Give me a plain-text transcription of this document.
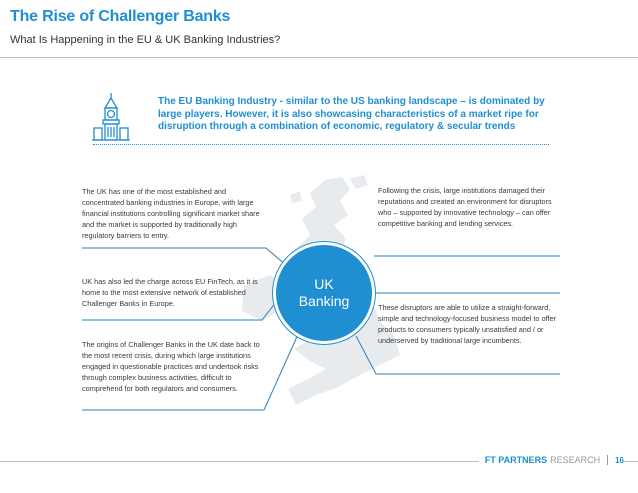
The Rise of Challenger Banks
What Is Happening in the EU & UK Banking Industries?
The EU Banking Industry - similar to the US banking landscape – is dominated by large players. However, it is also showcasing characteristics of a market ripe for disruption through a combination of economic, regulatory & secular trends
The UK has one of the most established and concentrated banking industries in Europe, with large financial institutions controlling significant market share and the market is supported by traditionally high regulatory barriers to entry.
UK has also led the charge across EU FinTech, as it is home to the most extensive network of established Challenger Banks in Europe.
The origins of Challenger Banks in the UK date back to the most recent crisis, during which large institutions engaged in questionable practices and undertook risks through complex business activities, difficult to comprehend for both regulators and consumers.
Following the crisis, large institutions damaged their reputations and created an environment for disruptors who – supported by innovative technology – can offer competitive banking and lending services.
These disruptors are able to utilize a straight-forward, simple and technology-focused business model to offer products to consumers typically unsatisfied and / or underserved by traditional large incumbents.
UK
Banking
FT PARTNERS RESEARCH 16
